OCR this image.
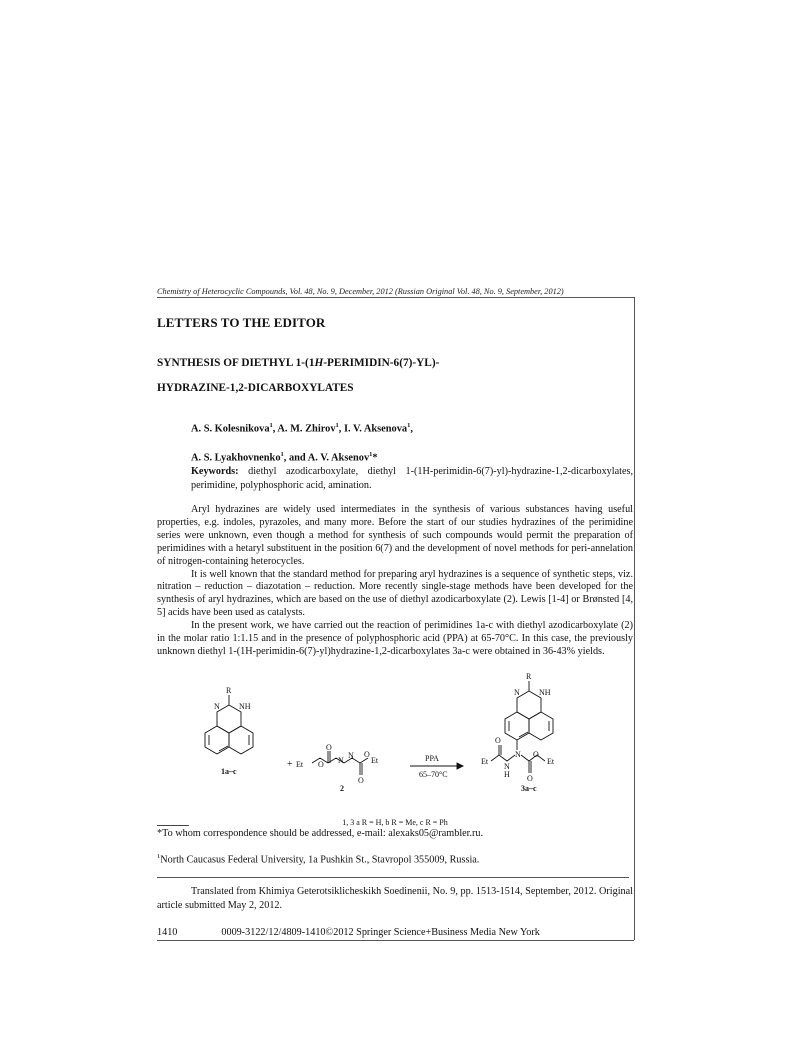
Chemistry of Heterocyclic Compounds, Vol. 48, No. 9, December, 2012 (Russian Original Vol. 48, No. 9, September, 2012)
LETTERS TO THE EDITOR
SYNTHESIS OF DIETHYL 1-(1H-PERIMIDIN-6(7)-YL)-
HYDRAZINE-1,2-DICARBOXYLATES
A. S. Kolesnikova$^1$, A. M. Zhirov$^1$, I. V. Aksenova$^1$,
A. S. Lyakhovnenko$^1$, and A. V. Aksenov$^1$*
Keywords: diethyl azodicarboxylate, diethyl 1-(1H-perimidin-6(7)-yl)-hydrazine-1,2-dicarboxylates, perimidine, polyphosphoric acid, amination.

Aryl hydrazines are widely used intermediates in the synthesis of various substances having useful properties, e.g. indoles, pyrazoles, and many more. Before the start of our studies hydrazines of the perimidine series were unknown, even though a method for synthesis of such compounds would permit the preparation of perimidines with a hetaryl substituent in the position 6(7) and the development of novel methods for peri-annelation of nitrogen-containing heterocycles.

It is well known that the standard method for preparing aryl hydrazines is a sequence of synthetic steps, viz. nitration – reduction – diazotation – reduction. More recently single-stage methods have been developed for the synthesis of aryl hydrazines, which are based on the use of diethyl azodicarboxylate (2). Lewis [1-4] or Brønsted [4, 5] acids have been used as catalysts.

In the present work, we have carried out the reaction of perimidines 1a-c with diethyl azodicarboxylate (2) in the molar ratio 1:1.15 and in the presence of polyphosphoric acid (PPA) at 65-70°C. In this case, the previously unknown diethyl 1-(1H-perimidin-6(7)-yl)hydrazine-1,2-dicarboxylates 3a-c were obtained in 36-43% yields.

R
N NH
1a–c
+ Et O
O
N
N O
O
Et
2
PPA
65–70°C
R
N NH
N
N
H
Et
O
O
O
Et
3a–c
1, 3 a R = H, b R = Me, c R = Ph
*To whom correspondence should be addressed, e-mail: alexaks05@rambler.ru.
$^1$North Caucasus Federal University, 1a Pushkin St., Stavropol 355009, Russia.
Translated from Khimiya Geterotsiklicheskikh Soedinenii, No. 9, pp. 1513-1514, September, 2012. Original article submitted May 2, 2012.
1410	0009-3122/12/4809-1410©2012 Springer Science+Business Media New York
